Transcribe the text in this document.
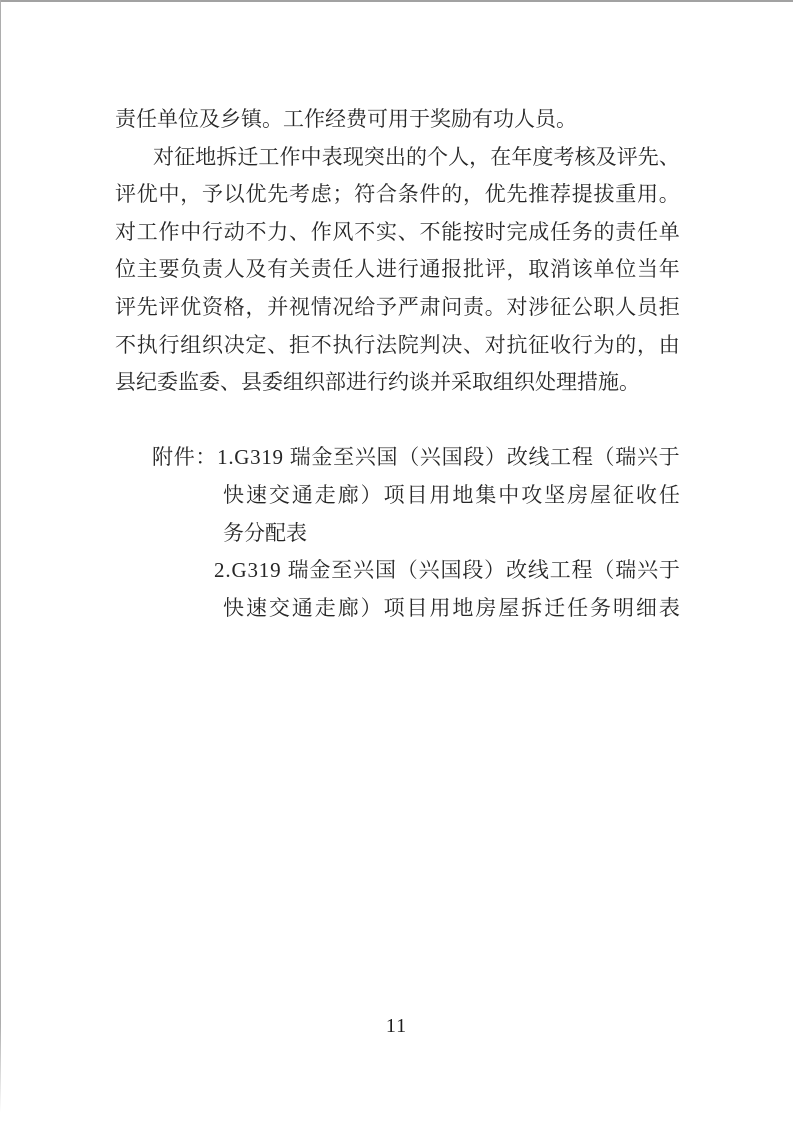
责任单位及乡镇。工作经费可用于奖励有功人员。
对 征 地 拆 迁 工 作 中 表 现 突 出 的 个 人 ， 在 年 度 考 核 及 评 先 、
评 优 中 ， 予 以 优 先 考 虑 ； 符 合 条 件 的 ， 优 先 推 荐 提 拔 重 用 。
对 工 作 中 行 动 不 力 、 作 风 不 实 、 不 能 按 时 完 成 任 务 的 责 任 单
位 主 要 负 责 人 及 有 关 责 任 人 进 行 通 报 批 评 ， 取 消 该 单 位 当 年
评 先 评 优 资 格 ， 并 视 情 况 给 予 严 肃 问 责 。 对 涉 征 公 职 人 员 拒
不 执 行 组 织 决 定 、 拒 不 执 行 法 院 判 决 、 对 抗 征 收 行 为 的 ， 由
县纪委监委、县委组织部进行约谈并采取组织处理措施。
附 件 ： 1 . G 3 1 9
瑞 金 至 兴 国 （ 兴 国 段 ） 改 线 工 程 （ 瑞 兴 于
快 速 交 通 走 廊 ） 项 目 用 地 集 中 攻 坚 房 屋 征 收 任
务分配表
2 . G 3 1 9
瑞 金 至 兴 国 （ 兴 国 段 ） 改 线 工 程 （ 瑞 兴 于
快 速 交 通 走 廊 ） 项 目 用 地 房 屋 拆 迁 任 务 明 细 表
11
